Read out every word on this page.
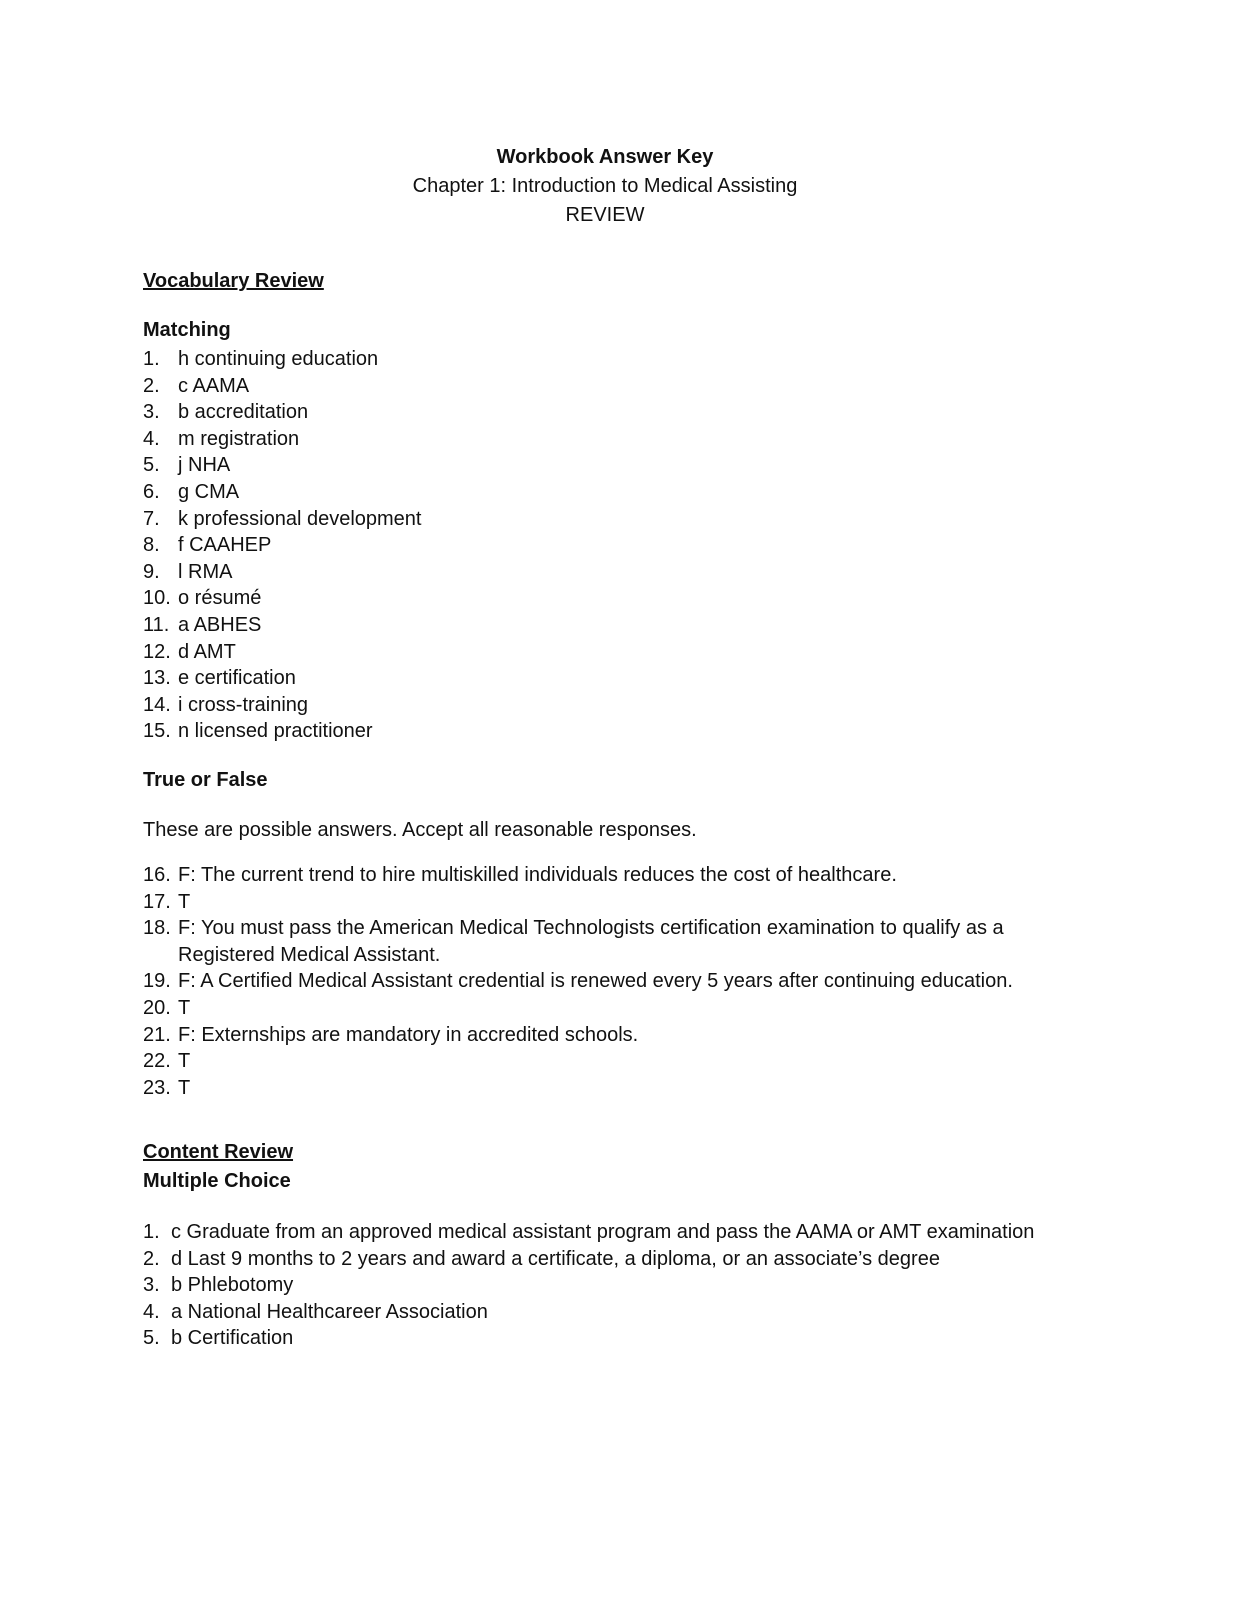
Workbook Answer Key
Chapter 1: Introduction to Medical Assisting
REVIEW
Vocabulary Review
Matching
1. h continuing education
2. c AAMA
3. b accreditation
4. m registration
5. j NHA
6. g CMA
7. k professional development
8. f CAAHEP
9. l RMA
10. o résumé
11. a ABHES
12. d AMT
13. e certification
14. i cross-training
15. n licensed practitioner
True or False
These are possible answers. Accept all reasonable responses.
16. F: The current trend to hire multiskilled individuals reduces the cost of healthcare.
17. T
18. F: You must pass the American Medical Technologists certification examination to qualify as a Registered Medical Assistant.
19. F: A Certified Medical Assistant credential is renewed every 5 years after continuing education.
20. T
21. F: Externships are mandatory in accredited schools.
22. T
23. T
Content Review
Multiple Choice
1. c Graduate from an approved medical assistant program and pass the AAMA or AMT examination
2. d Last 9 months to 2 years and award a certificate, a diploma, or an associate’s degree
3. b Phlebotomy
4. a National Healthcareer Association
5. b Certification
